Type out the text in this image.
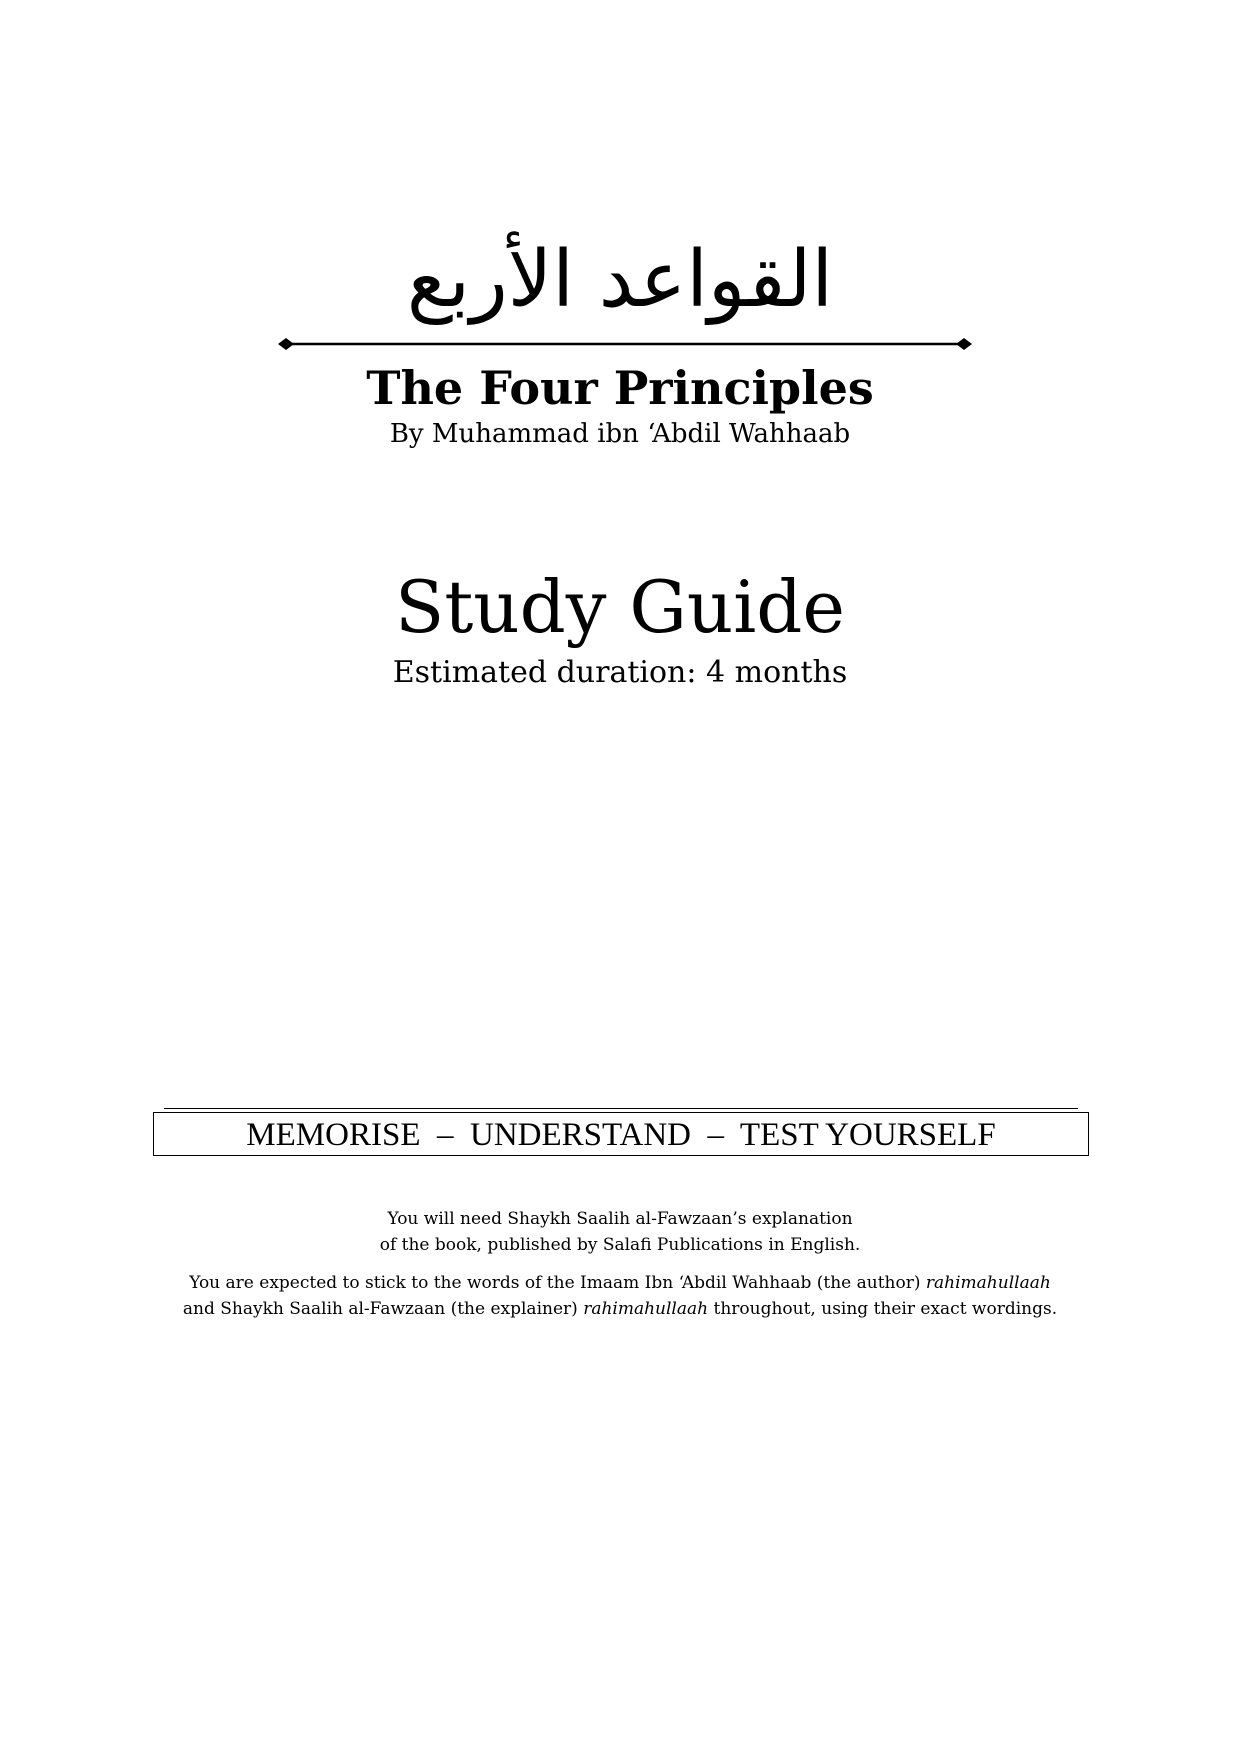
القواعد الأربع
The Four Principles
By Muhammad ibn ‘Abdil Wahhaab
Study Guide
Estimated duration: 4 months
MEMORISE  –  UNDERSTAND  –  TEST YOURSELF

You will need Shaykh Saalih al-Fawzaan’s explanation
of the book, published by Salafi Publications in English.

You are expected to stick to the words of the Imaam Ibn ‘Abdil Wahhaab (the author) rahimahullaah
and Shaykh Saalih al-Fawzaan (the explainer) rahimahullaah throughout, using their exact wordings.
